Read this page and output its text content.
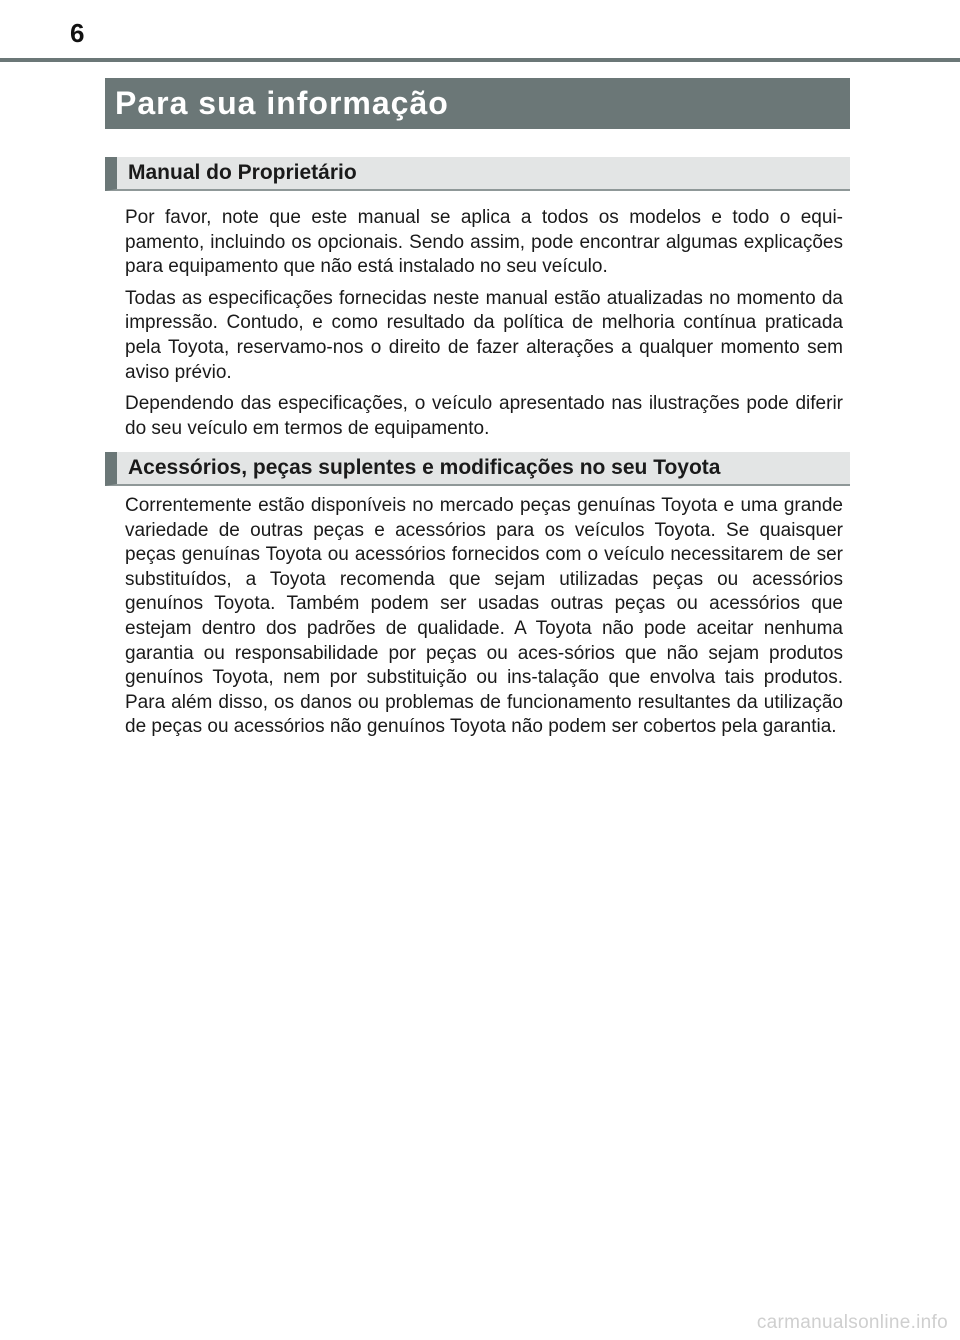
6
Para sua informação
Manual do Proprietário

Por favor, note que este manual se aplica a todos os modelos e todo o equi-pamento, incluindo os opcionais. Sendo assim, pode encontrar algumas explicações para equipamento que não está instalado no seu veículo.

Todas as especificações fornecidas neste manual estão atualizadas no momento da impressão. Contudo, e como resultado da política de melhoria contínua praticada pela Toyota, reservamo-nos o direito de fazer alterações a qualquer momento sem aviso prévio.

Dependendo das especificações, o veículo apresentado nas ilustrações pode diferir do seu veículo em termos de equipamento.

Acessórios, peças suplentes e modificações no seu Toyota

Correntemente estão disponíveis no mercado peças genuínas Toyota e uma grande variedade de outras peças e acessórios para os veículos Toyota. Se quaisquer peças genuínas Toyota ou acessórios fornecidos com o veículo necessitarem de ser substituídos, a Toyota recomenda que sejam utilizadas peças ou acessórios genuínos Toyota. Também podem ser usadas outras peças ou acessórios que estejam dentro dos padrões de qualidade. A Toyota não pode aceitar nenhuma garantia ou responsabilidade por peças ou aces-sórios que não sejam produtos genuínos Toyota, nem por substituição ou ins-talação que envolva tais produtos. Para além disso, os danos ou problemas de funcionamento resultantes da utilização de peças ou acessórios não genuínos Toyota não podem ser cobertos pela garantia.

carmanualsonline.info
